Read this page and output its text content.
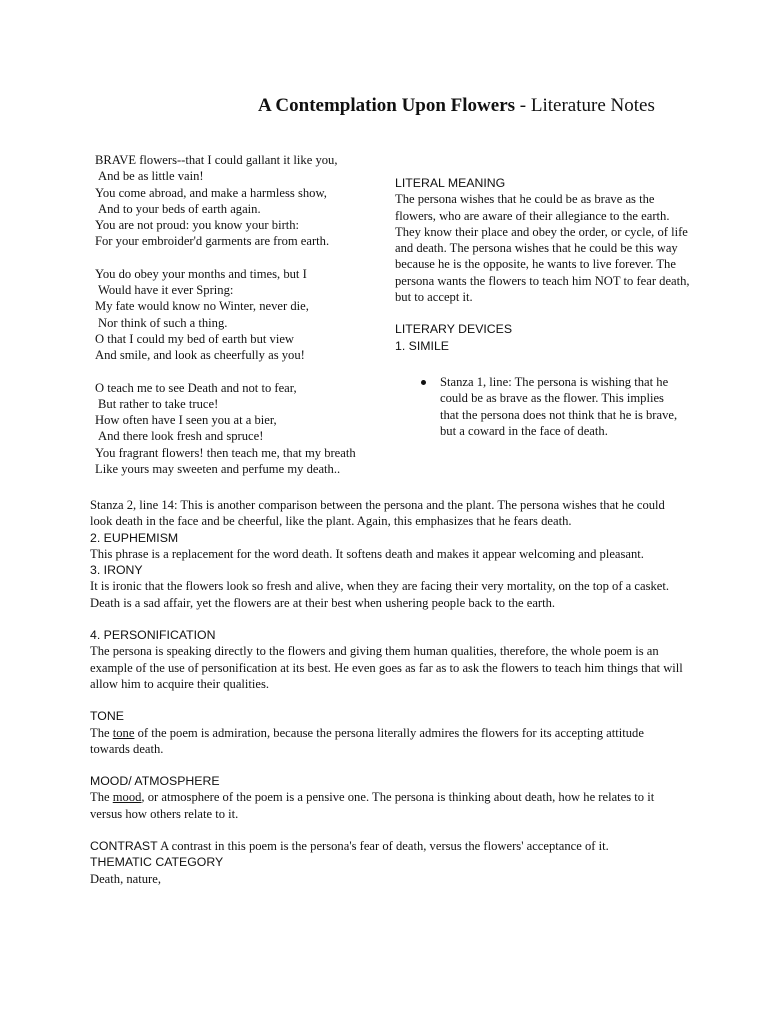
A Contemplation Upon Flowers - Literature Notes
BRAVE flowers--that I could gallant it like you,
And be as little vain!
You come abroad, and make a harmless show,
And to your beds of earth again.
You are not proud: you know your birth:
For your embroider'd garments are from earth.
You do obey your months and times, but I
Would have it ever Spring:
My fate would know no Winter, never die,
Nor think of such a thing.
O that I could my bed of earth but view
And smile, and look as cheerfully as you!
O teach me to see Death and not to fear,
But rather to take truce!
How often have I seen you at a bier,
And there look fresh and spruce!
You fragrant flowers! then teach me, that my breath
Like yours may sweeten and perfume my death..
LITERAL MEANING

The persona wishes that he could be as brave as the flowers, who are aware of their allegiance to the earth. They know their place and obey the order, or cycle, of life and death. The persona wishes that he could be this way because he is the opposite, he wants to live forever. The persona wants the flowers to teach him NOT to fear death, but to accept it.

LITERARY DEVICES
1. SIMILE
Stanza 1, line: The persona is wishing that he could be as brave as the flower. This implies that the persona does not think that he is brave, but a coward in the face of death.

Stanza 2, line 14: This is another comparison between the persona and the plant. The persona wishes that he could look death in the face and be cheerful, like the plant. Again, this emphasizes that he fears death.

2. EUPHEMISM

This phrase is a replacement for the word death. It softens death and makes it appear welcoming and pleasant.

3. IRONY

It is ironic that the flowers look so fresh and alive, when they are facing their very mortality, on the top of a casket. Death is a sad affair, yet the flowers are at their best when ushering people back to the earth.

4. PERSONIFICATION

The persona is speaking directly to the flowers and giving them human qualities, therefore, the whole poem is an example of the use of personification at its best. He even goes as far as to ask the flowers to teach him things that will allow him to acquire their qualities.

TONE

The tone of the poem is admiration, because the persona literally admires the flowers for its accepting attitude towards death.

MOOD/ ATMOSPHERE

The mood, or atmosphere of the poem is a pensive one. The persona is thinking about death, how he relates to it versus how others relate to it.

CONTRAST A contrast in this poem is the persona's fear of death, versus the flowers' acceptance of it.

THEMATIC CATEGORY

Death, nature,
